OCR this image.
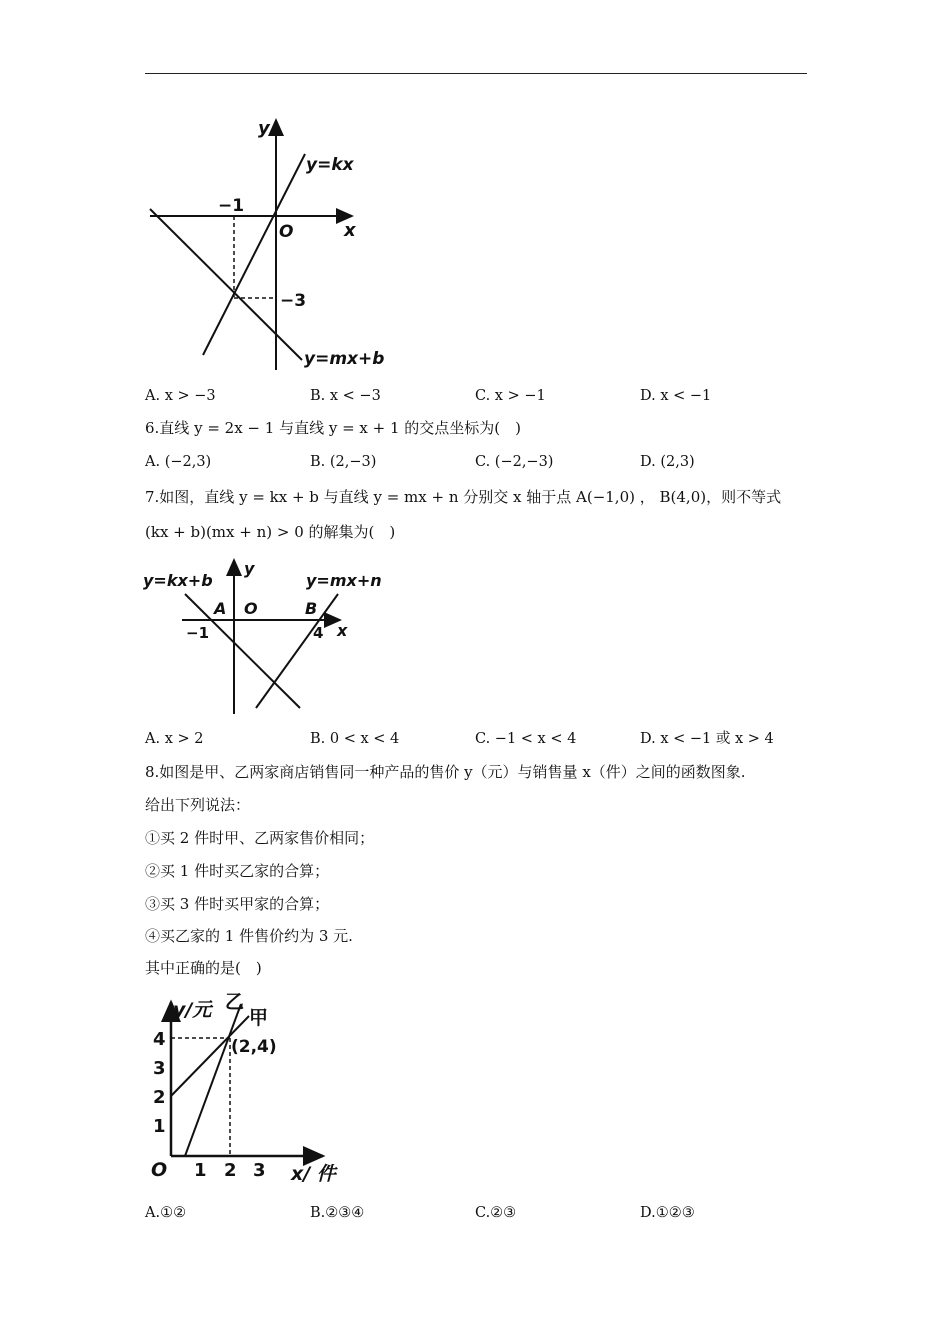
y
x
O
−1
−3
y=kx
y=mx+b
A. x > −3	B. x < −3	C. x > −1	D. x < −1
6.直线 y = 2x − 1 与直线 y = x + 1 的交点坐标为(　)
A. (−2,3)	B. (2,−3)	C. (−2,−3)	D. (2,3)
7.如图，直线 y = kx + b 与直线 y = mx + n 分别交 x 轴于点 A(−1,0) ， B(4,0)，则不等式
(kx + b)(mx + n) > 0 的解集为(　)
y=kx+b	y=mx+n
y
x
A O	B
−1	4
A. x > 2	B. 0 < x < 4	C. −1 < x < 4	D. x < −1 或 x > 4
8.如图是甲、乙两家商店销售同一种产品的售价 y（元）与销售量 x（件）之间的函数图象.
给出下列说法：
①买 2 件时甲、乙两家售价相同；
②买 1 件时买乙家的合算；
③买 3 件时买甲家的合算；
④买乙家的 1 件售价约为 3 元.
其中正确的是(　)
y/元 乙
甲
(2,4)
O
4
3
2
1
1 2 3 x/ 件
A.①②	B.②③④	C.②③	D.①②③
